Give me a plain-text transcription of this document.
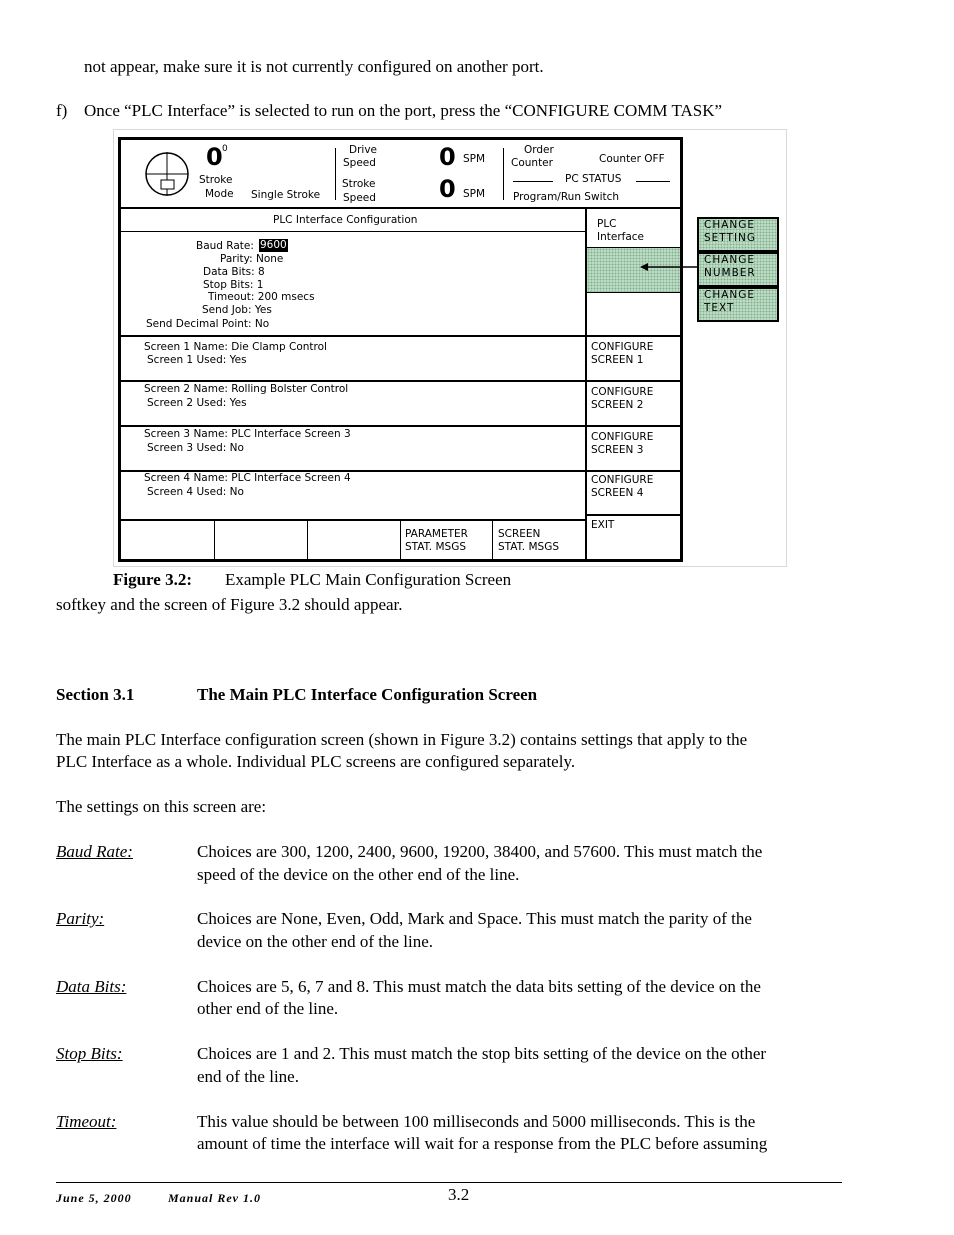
not appear, make sure it is not currently configured on another port.
f) Once “PLC Interface” is selected to run on the port, press the “CONFIGURE COMM TASK”
0 0
Stroke
Mode Single Stroke
Drive
Speed	0 SPM
Stroke
Speed	0 SPM
Order
Counter	Counter OFF
PC STATUS
Program/Run Switch
PLC Interface Configuration	PLC
Interface
Baud Rate: 9600
Parity: None
Data Bits: 8
Stop Bits: 1
Timeout: 200 msecs
Send Job: Yes
Send Decimal Point: No
Screen 1 Name: Die Clamp Control
Screen 1 Used: Yes
CONFIGURE
SCREEN 1
Screen 2 Name: Rolling Bolster Control
Screen 2 Used: Yes
CONFIGURE
SCREEN 2
Screen 3 Name: PLC Interface Screen 3
Screen 3 Used: No
CONFIGURE
SCREEN 3
Screen 4 Name: PLC Interface Screen 4
Screen 4 Used: No
CONFIGURE
SCREEN 4
PARAMETER
STAT. MSGS
SCREEN
STAT. MSGS
EXIT
CHANGE
SETTING
CHANGE
NUMBER
CHANGE
TEXT
Figure 3.2: Example PLC Main Configuration Screen
softkey and the screen of Figure 3.2 should appear.
Section 3.1	The Main PLC Interface Configuration Screen
The main PLC Interface configuration screen (shown in Figure 3.2) contains settings that apply to the
PLC Interface as a whole. Individual PLC screens are configured separately.
The settings on this screen are:
Baud Rate:	Choices are 300, 1200, 2400, 9600, 19200, 38400, and 57600. This must match the
speed of the device on the other end of the line.
Parity:	Choices are None, Even, Odd, Mark and Space. This must match the parity of the
device on the other end of the line.
Data Bits:	Choices are 5, 6, 7 and 8. This must match the data bits setting of the device on the
other end of the line.
Stop Bits:	Choices are 1 and 2. This must match the stop bits setting of the device on the other
end of the line.
Timeout:	This value should be between 100 milliseconds and 5000 milliseconds. This is the
amount of time the interface will wait for a response from the PLC before assuming
June 5, 2000	Manual Rev 1.0	3.2
